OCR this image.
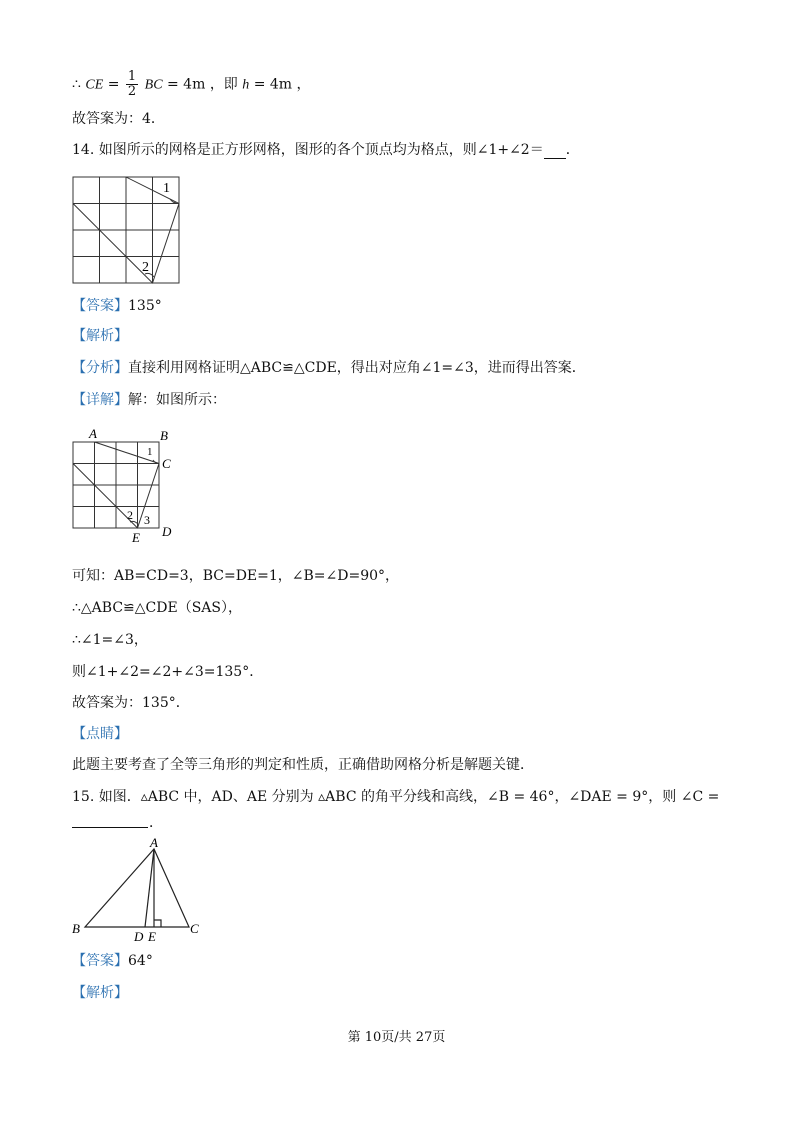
∴ CE = $\frac{1}{2}$ BC = 4m ，即 h = 4m ，
故答案为：4．
14. 如图所示的网格是正方形网格，图形的各个顶点均为格点，则∠1+∠2＝ ．
1
2
【答案】135°
【解析】
【分析】直接利用网格证明△ABC≌△CDE，得出对应角∠1=∠3，进而得出答案．
【详解】解：如图所示：
A	B
C
D
E
1
2 3
可知：AB=CD=3，BC=DE=1，∠B=∠D=90°，
∴△ABC≌△CDE（SAS），
∴∠1=∠3，
则∠1+∠2=∠2+∠3=135°．
故答案为：135°．
【点睛】
此题主要考查了全等三角形的判定和性质，正确借助网格分析是解题关键．
15. 如图．▵ABC 中，AD、AE 分别为 ▵ABC 的角平分线和高线，∠B = 46°，∠DAE = 9°，则 ∠C =
．
A
B	C
D E
【答案】64°
【解析】
第 10页/共 27页
